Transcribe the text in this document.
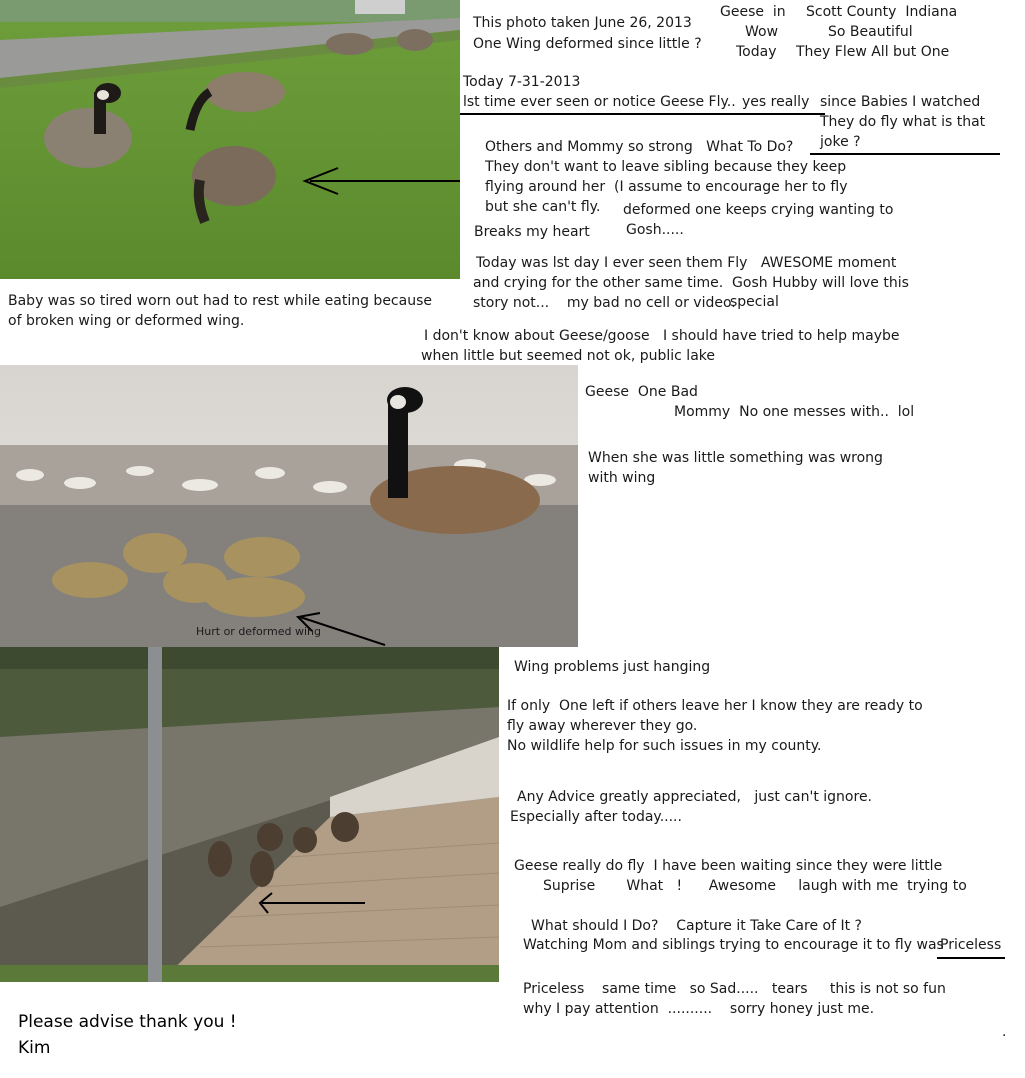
Hurt or deformed wing
This photo taken June 26, 2013
One Wing deformed since little ?
Geese  in Scott County  Indiana
Wow	So Beautiful
Today They Flew All but One
Today 7-31-2013
lst time ever seen or notice Geese Fly.. yes really since Babies I watched
They do fly what is that
joke ?
Others and Mommy so strong   What To Do?
They don't want to leave sibling because they keep
flying around her  (I assume to encourage her to fly
but she can't fly. deformed one keeps crying wanting to
Breaks my heart	Gosh.....
Today was lst day I ever seen them Fly   AWESOME moment
and crying for the other same time.  Gosh Hubby will love this
story not...    my bad no cell or video.
special
I don't know about Geese/goose   I should have tried to help maybe
when little but seemed not ok, public lake
Baby was so tired worn out had to rest while eating because
of broken wing or deformed wing.
Geese  One Bad
Mommy  No one messes with..  lol
When she was little something was wrong
with wing
Wing problems just hanging
If only  One left if others leave her I know they are ready to
fly away wherever they go.
No wildlife help for such issues in my county.
Any Advice greatly appreciated,   just can't ignore.
Especially after today.....
Geese really do fly  I have been waiting since they were little
Suprise       What   !      Awesome     laugh with me  trying to
What should I Do?    Capture it Take Care of It ?
Watching Mom and siblings trying to encourage it to fly was
Priceless
Priceless    same time   so Sad.....   tears     this is not so fun
why I pay attention  ..........    sorry honey just me.
.
Please advise thank you !
Kim
